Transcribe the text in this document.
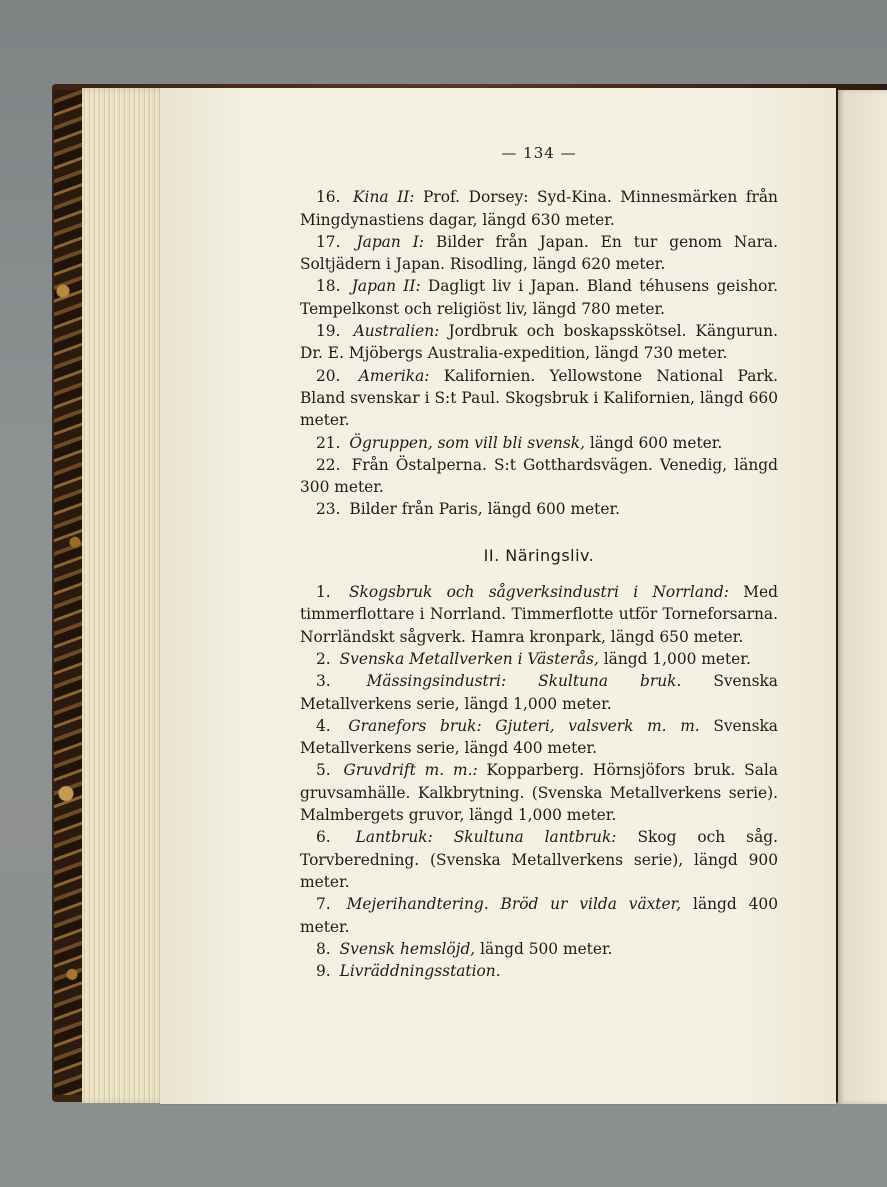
— 134 —

16. Kina II: Prof. Dorsey: Syd-Kina. Minnesmärken från Mingdynastiens dagar, längd 630 meter.

17. Japan I: Bilder från Japan. En tur genom Nara. Soltjädern i Japan. Risodling, längd 620 meter.

18. Japan II: Dagligt liv i Japan. Bland téhusens geishor. Tempelkonst och religiöst liv, längd 780 meter.

19. Australien: Jordbruk och boskapsskötsel. Kängurun. Dr. E. Mjöbergs Australia-expedition, längd 730 meter.

20. Amerika: Kalifornien. Yellowstone National Park. Bland svenskar i S:t Paul. Skogsbruk i Kalifornien, längd 660 meter.

21. Ögruppen, som vill bli svensk, längd 600 meter.

22. Från Östalperna. S:t Gotthardsvägen. Venedig, längd 300 meter.

23. Bilder från Paris, längd 600 meter.

II. Näringsliv.

1. Skogsbruk och sågverksindustri i Norrland: Med timmerflottare i Norrland. Timmerflotte utför Torneforsarna. Norrländskt sågverk. Hamra kronpark, längd 650 meter.

2. Svenska Metallverken i Västerås, längd 1,000 meter.

3. Mässingsindustri: Skultuna bruk. Svenska Metallverkens serie, längd 1,000 meter.

4. Granefors bruk: Gjuteri, valsverk m. m. Svenska Metallverkens serie, längd 400 meter.

5. Gruvdrift m. m.: Kopparberg. Hörnsjöfors bruk. Sala gruvsamhälle. Kalkbrytning. (Svenska Metallverkens serie). Malmbergets gruvor, längd 1,000 meter.

6. Lantbruk: Skultuna lantbruk: Skog och såg. Torvberedning. (Svenska Metallverkens serie), längd 900 meter.

7. Mejerihandtering. Bröd ur vilda växter, längd 400 meter.

8. Svensk hemslöjd, längd 500 meter.

9. Livräddningsstation.
